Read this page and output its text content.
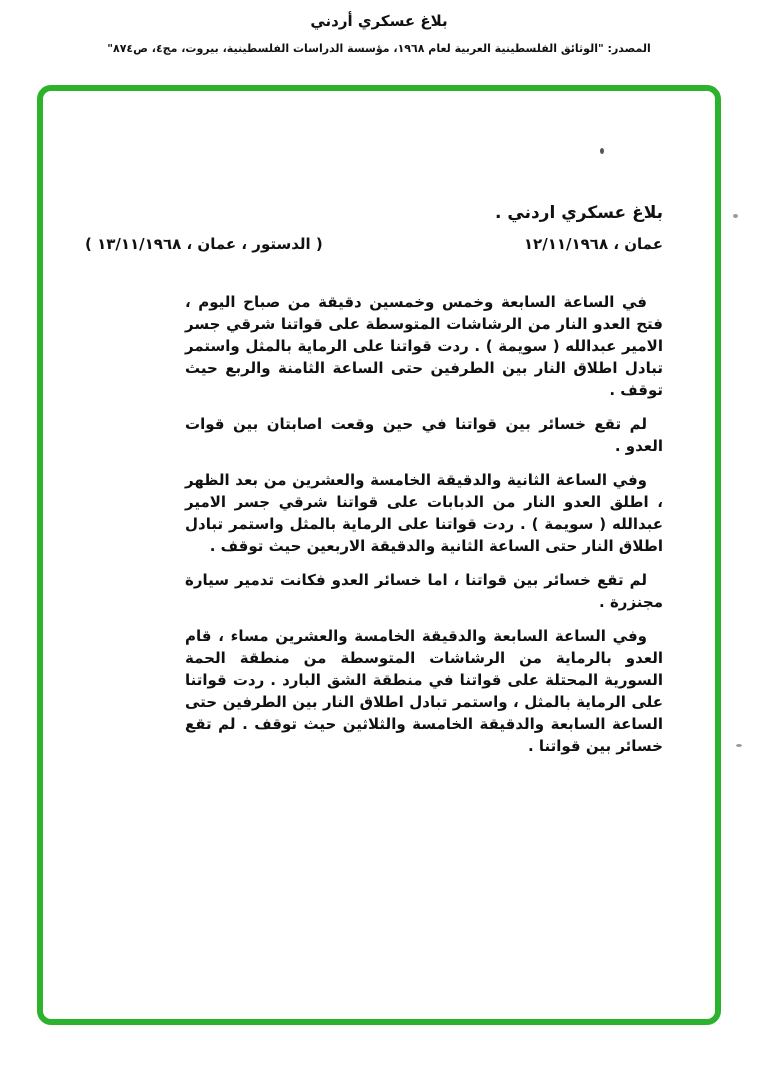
بلاغ عسكري أردني
المصدر: "الوثائق الفلسطينية العربية لعام ١٩٦٨، مؤسسة الدراسات الفلسطينية، بيروت، مج٤، ص٨٧٤"
بلاغ عسكري اردني .
عمان ، ١٢/١١/١٩٦٨
( الدستور ، عمان ، ١٣/١١/١٩٦٨ )

في الساعة السابعة وخمس وخمسين دقيقة من صباح اليوم ، فتح العدو النار من الرشاشات المتوسطة على قواتنا شرقي جسر الامير عبدالله ( سويمة ) . ردت قواتنا على الرماية بالمثل واستمر تبادل اطلاق النار بين الطرفين حتى الساعة الثامنة والربع حيث توقف .

لم تقع خسائر بين قواتنا في حين وقعت اصابتان بين قوات العدو .

وفي الساعة الثانية والدقيقة الخامسة والعشرين من بعد الظهر ، اطلق العدو النار من الدبابات على قواتنا شرقي جسر الامير عبدالله ( سويمة ) . ردت قواتنا على الرماية بالمثل واستمر تبادل اطلاق النار حتى الساعة الثانية والدقيقة الاربعين حيث توقف .

لم تقع خسائر بين قواتنا ، اما خسائر العدو فكانت تدمير سيارة مجنزرة .

وفي الساعة السابعة والدقيقة الخامسة والعشرين مساء ، قام العدو بالرماية من الرشاشات المتوسطة من منطقة الحمة السورية المحتلة على قواتنا في منطقة الشق البارد . ردت قواتنا على الرماية بالمثل ، واستمر تبادل اطلاق النار بين الطرفين حتى الساعة السابعة والدقيقة الخامسة والثلاثين حيث توقف . لم تقع خسائر بين قواتنا .
